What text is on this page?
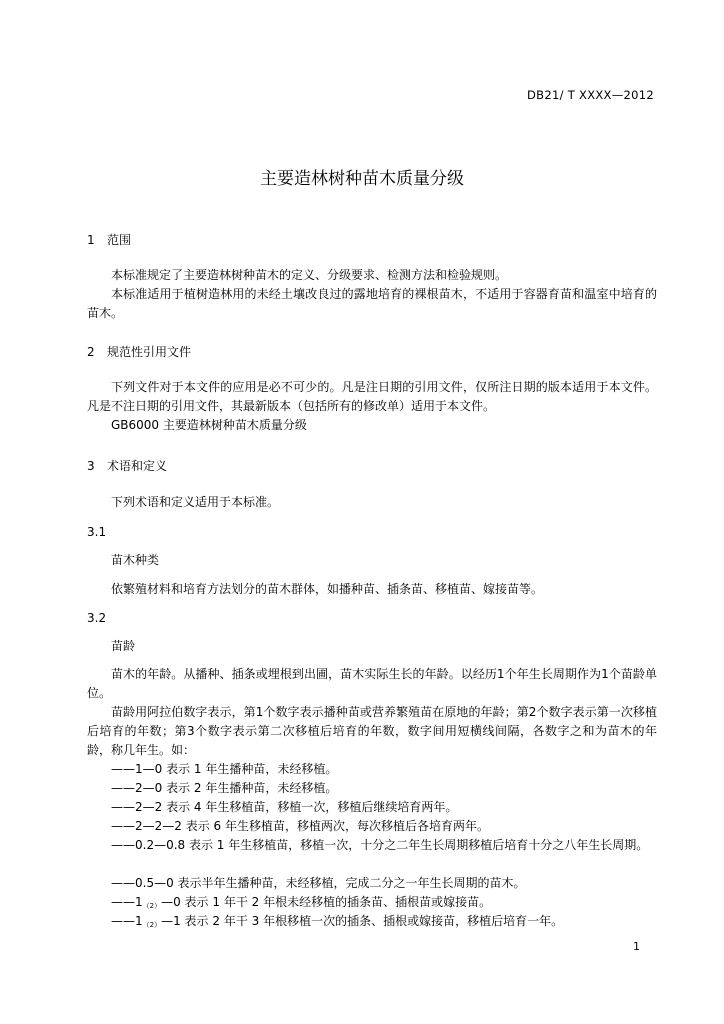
DB21/ T XXXX—2012
主要造林树种苗木质量分级
1 范围
本标准规定了主要造林树种苗木的定义、分级要求、检测方法和检验规则。
本标准适用于植树造林用的未经土壤改良过的露地培育的裸根苗木，不适用于容器育苗和温室中培育的苗木。
2 规范性引用文件
下列文件对于本文件的应用是必不可少的。凡是注日期的引用文件，仅所注日期的版本适用于本文件。凡是不注日期的引用文件，其最新版本（包括所有的修改单）适用于本文件。
GB6000 主要造林树种苗木质量分级
3 术语和定义
下列术语和定义适用于本标准。
3.1
苗木种类
依繁殖材料和培育方法划分的苗木群体，如播种苗、插条苗、移植苗、嫁接苗等。
3.2
苗龄
苗木的年龄。从播种、插条或埋根到出圃，苗木实际生长的年龄。以经历1个年生长周期作为1个苗龄单位。
苗龄用阿拉伯数字表示，第1个数字表示播种苗或营养繁殖苗在原地的年龄；第2个数字表示第一次移植后培育的年数；第3个数字表示第二次移植后培育的年数，数字间用短横线间隔，各数字之和为苗木的年龄，称几年生。如：
——1—0 表示 1 年生播种苗，未经移植。
——2—0 表示 2 年生播种苗，未经移植。
——2—2 表示 4 年生移植苗，移植一次，移植后继续培育两年。
——2—2—2 表示 6 年生移植苗，移植两次，每次移植后各培育两年。
——0.2—0.8 表示 1 年生移植苗，移植一次，十分之二年生长周期移植后培育十分之八年生长周期。
——0.5—0 表示半年生播种苗，未经移植，完成二分之一年生长周期的苗木。
$——1_{(2)}—0$ 表示 1 年干 2 年根未经移植的插条苗、插根苗或嫁接苗。
$——1_{(2)}—1$ 表示 2 年干 3 年根移植一次的插条、插根或嫁接苗，移植后培育一年。
1
